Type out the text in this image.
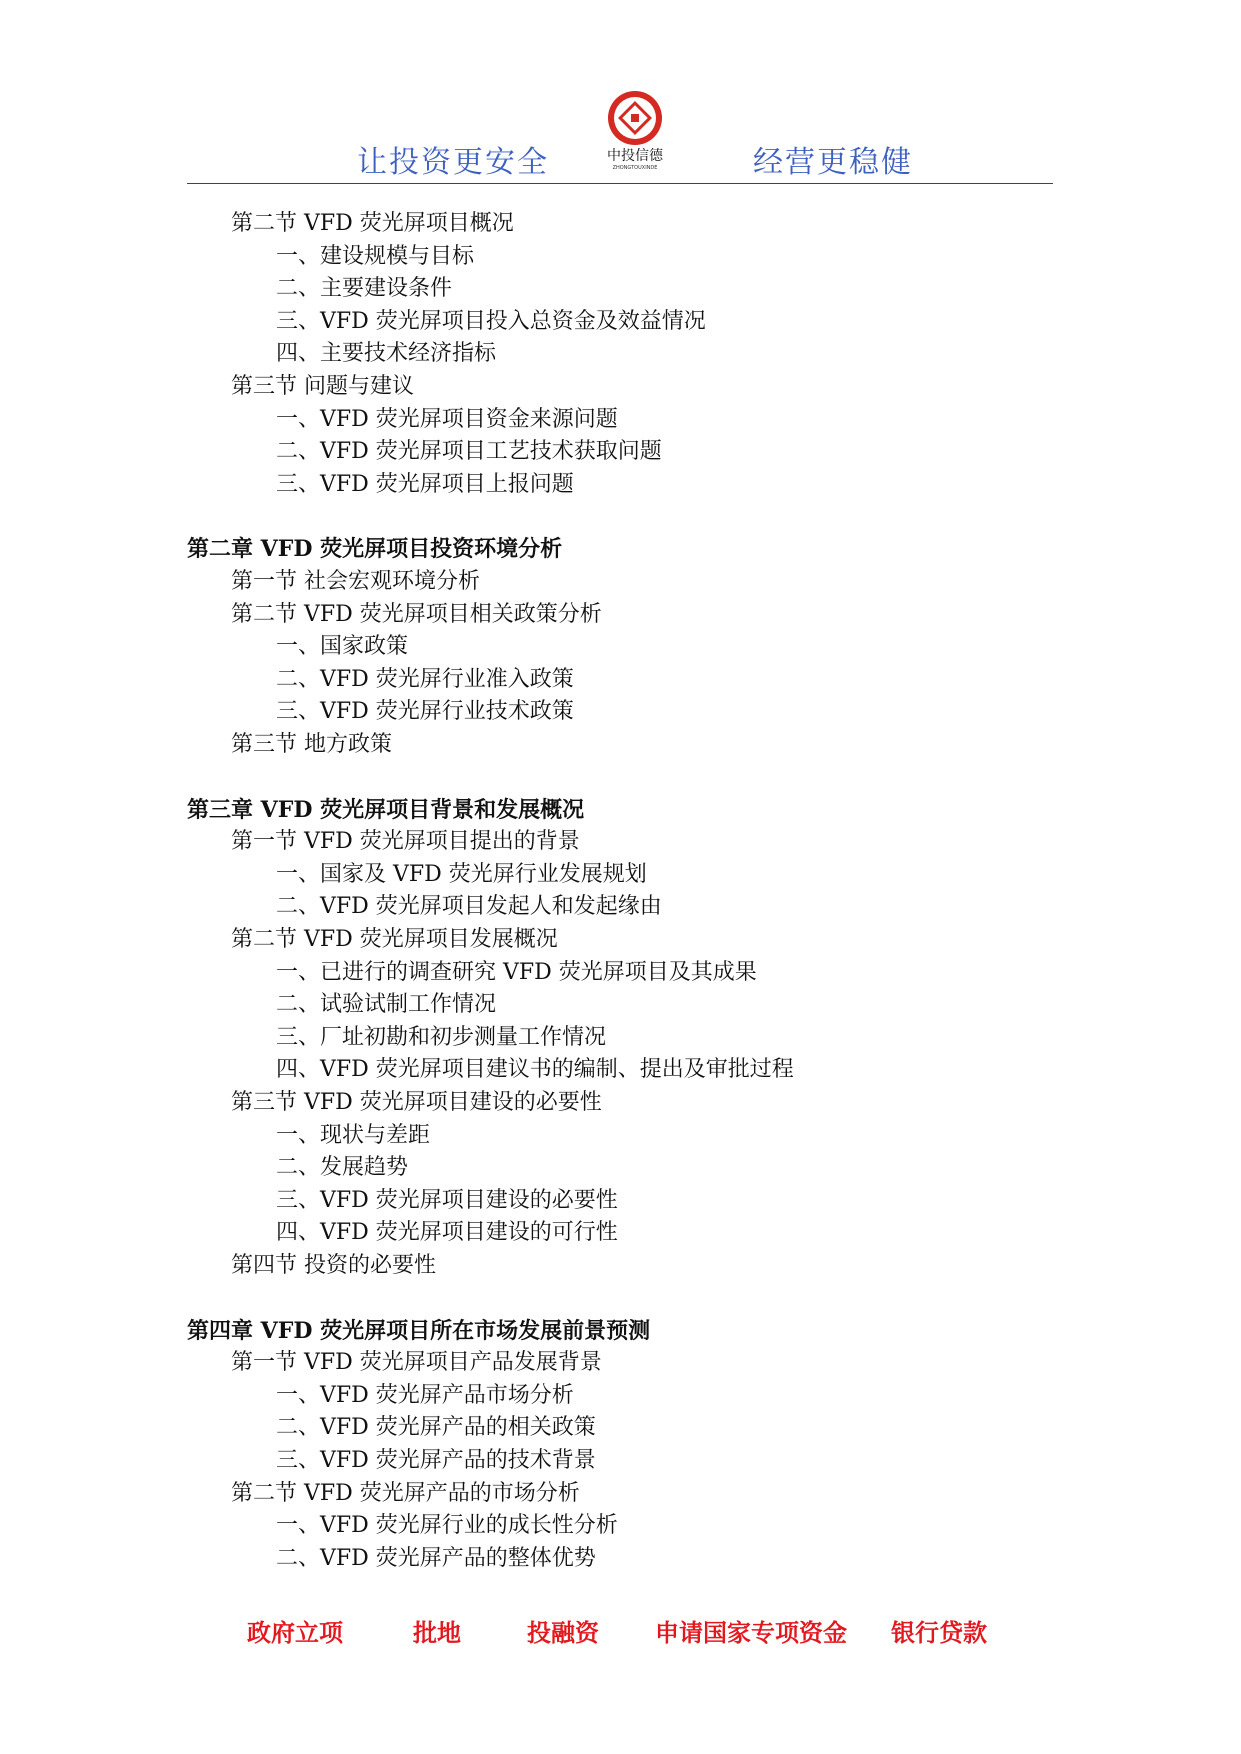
让投资更安全	中投信德
ZHONGTOUXINDE	经营更稳健
第二节 VFD 荧光屏项目概况
一、建设规模与目标
二、主要建设条件
三、VFD 荧光屏项目投入总资金及效益情况
四、主要技术经济指标
第三节 问题与建议
一、VFD 荧光屏项目资金来源问题
二、VFD 荧光屏项目工艺技术获取问题
三、VFD 荧光屏项目上报问题
第二章 VFD 荧光屏项目投资环境分析
第一节 社会宏观环境分析
第二节 VFD 荧光屏项目相关政策分析
一、国家政策
二、VFD 荧光屏行业准入政策
三、VFD 荧光屏行业技术政策
第三节 地方政策
第三章 VFD 荧光屏项目背景和发展概况
第一节 VFD 荧光屏项目提出的背景
一、国家及 VFD 荧光屏行业发展规划
二、VFD 荧光屏项目发起人和发起缘由
第二节 VFD 荧光屏项目发展概况
一、已进行的调查研究 VFD 荧光屏项目及其成果
二、试验试制工作情况
三、厂址初勘和初步测量工作情况
四、VFD 荧光屏项目建议书的编制、提出及审批过程
第三节 VFD 荧光屏项目建设的必要性
一、现状与差距
二、发展趋势
三、VFD 荧光屏项目建设的必要性
四、VFD 荧光屏项目建设的可行性
第四节 投资的必要性
第四章 VFD 荧光屏项目所在市场发展前景预测
第一节 VFD 荧光屏项目产品发展背景
一、VFD 荧光屏产品市场分析
二、VFD 荧光屏产品的相关政策
三、VFD 荧光屏产品的技术背景
第二节 VFD 荧光屏产品的市场分析
一、VFD 荧光屏行业的成长性分析
二、VFD 荧光屏产品的整体优势
政府立项	批地	投融资 申请国家专项资金 银行贷款
